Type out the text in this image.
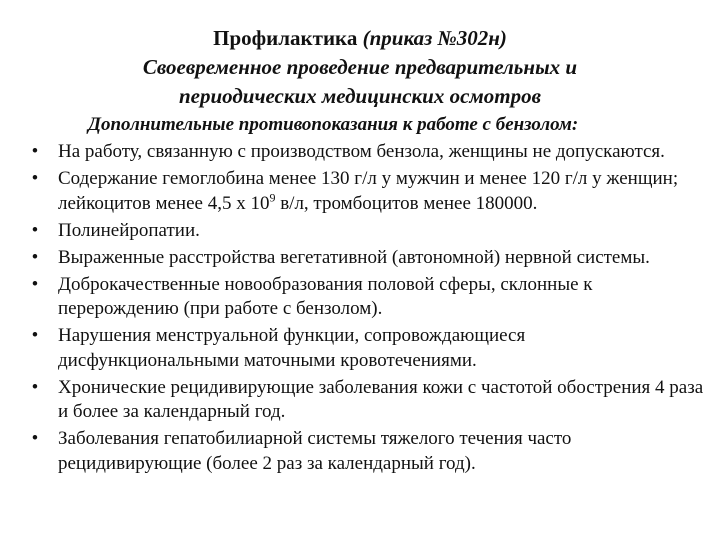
Профилактика (приказ №302н)
Своевременное проведение предварительных и
периодических медицинских осмотров
Дополнительные противопоказания к работе с бензолом:
• На работу, связанную с производством бензола, женщины не допускаются.
• Содержание гемоглобина менее 130 г/л у мужчин и менее 120 г/л у женщин; лейкоцитов менее 4,5 х $10^9$ в/л, тромбоцитов менее 180000.
• Полинейропатии.
• Выраженные расстройства вегетативной (автономной) нервной системы.
• Доброкачественные новообразования половой сферы, склонные к перерождению (при работе с бензолом).
• Нарушения менструальной функции, сопровождающиеся дисфункциональными маточными кровотечениями.
• Хронические рецидивирующие заболевания кожи с частотой обострения 4 раза и более за календарный год.
• Заболевания гепатобилиарной системы тяжелого течения часто рецидивирующие (более 2 раз за календарный год).
